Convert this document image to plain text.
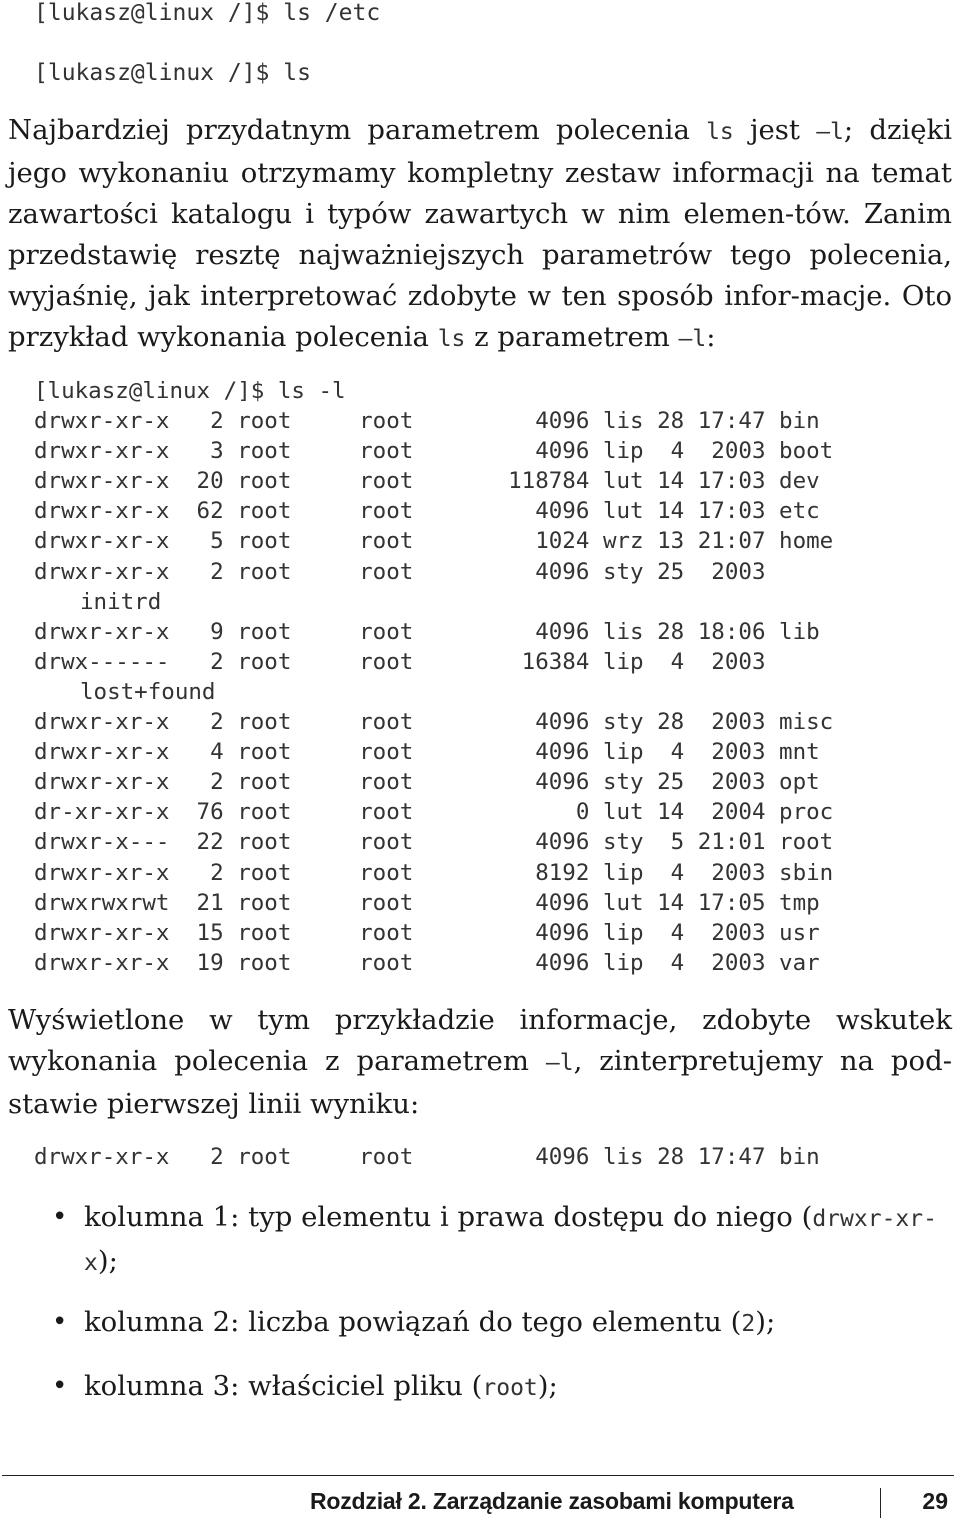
[lukasz@linux /]$ ls /etc
[lukasz@linux /]$ ls

Najbardziej przydatnym parametrem polecenia ls jest –l; dzięki jego wykonaniu otrzymamy kompletny zestaw informacji na temat zawartości katalogu i typów zawartych w nim elemen-tów. Zanim przedstawię resztę najważniejszych parametrów tego polecenia, wyjaśnię, jak interpretować zdobyte w ten sposób infor-macje. Oto przykład wykonania polecenia ls z parametrem –l:

[lukasz@linux /]$ ls -l
drwxr-xr-x   2 root     root         4096 lis 28 17:47 bin
drwxr-xr-x   3 root     root         4096 lip  4  2003 boot
drwxr-xr-x  20 root     root       118784 lut 14 17:03 dev
drwxr-xr-x  62 root     root         4096 lut 14 17:03 etc
drwxr-xr-x   5 root     root         1024 wrz 13 21:07 home
drwxr-xr-x   2 root     root         4096 sty 25  2003
initrd
drwxr-xr-x   9 root     root         4096 lis 28 18:06 lib
drwx------   2 root     root        16384 lip  4  2003
lost+found
drwxr-xr-x   2 root     root         4096 sty 28  2003 misc
drwxr-xr-x   4 root     root         4096 lip  4  2003 mnt
drwxr-xr-x   2 root     root         4096 sty 25  2003 opt
dr-xr-xr-x  76 root     root            0 lut 14  2004 proc
drwxr-x---  22 root     root         4096 sty  5 21:01 root
drwxr-xr-x   2 root     root         8192 lip  4  2003 sbin
drwxrwxrwt  21 root     root         4096 lut 14 17:05 tmp
drwxr-xr-x  15 root     root         4096 lip  4  2003 usr
drwxr-xr-x  19 root     root         4096 lip  4  2003 var

Wyświetlone w tym przykładzie informacje, zdobyte wskutek wykonania polecenia z parametrem –l, zinterpretujemy na pod-stawie pierwszej linii wyniku:

drwxr-xr-x   2 root     root         4096 lis 28 17:47 bin
• kolumna 1: typ elementu i prawa dostępu do niego (drwxr-xr-x);
• kolumna 2: liczba powiązań do tego elementu (2);
• kolumna 3: właściciel pliku (root);
Rozdział 2. Zarządzanie zasobami komputera	29
